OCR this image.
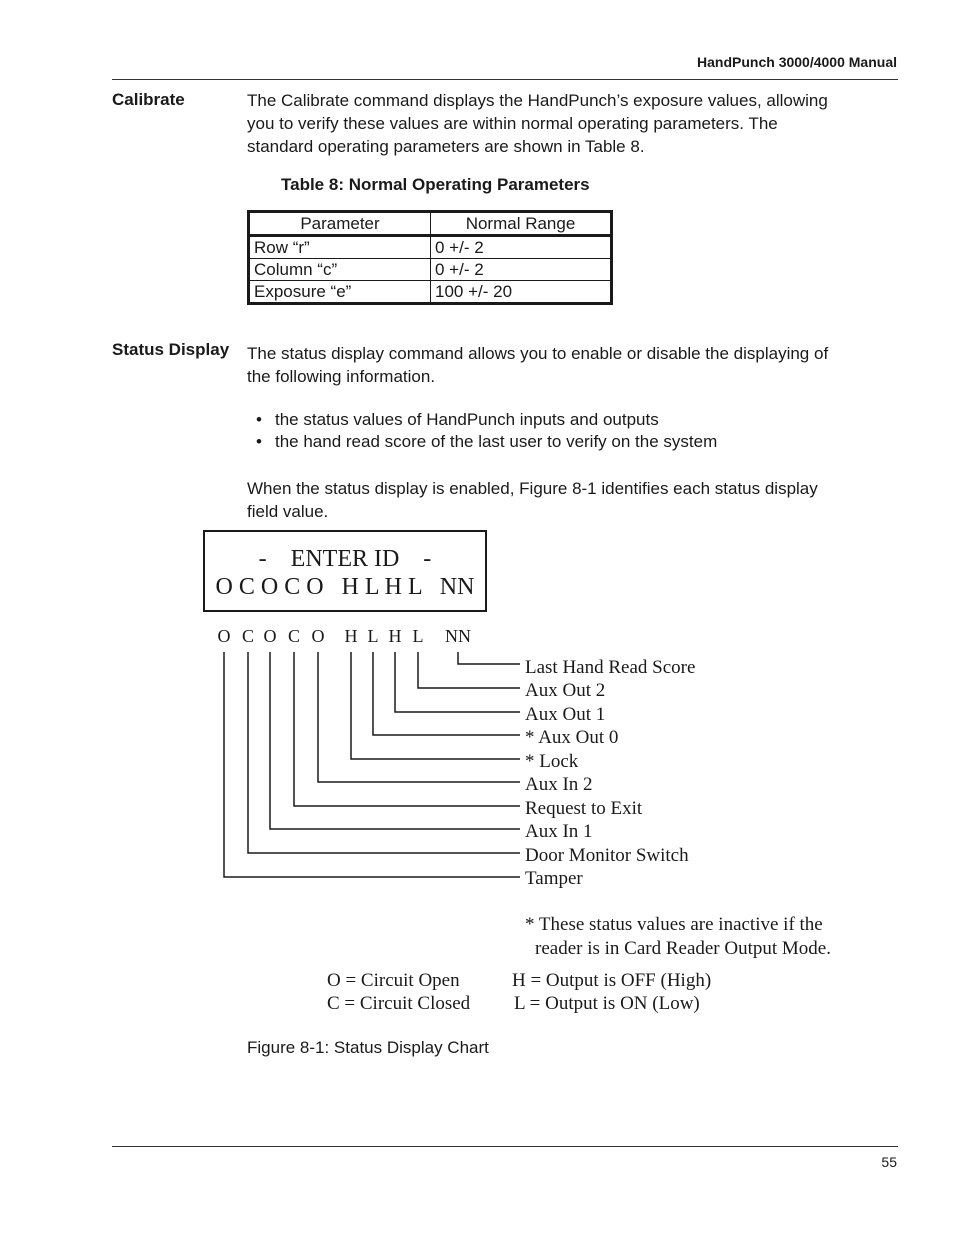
HandPunch 3000/4000 Manual
Calibrate	The Calibrate command displays the HandPunch’s exposure values, allowing
you to verify these values are within normal operating parameters. The
standard operating parameters are shown in Table 8.
Table 8: Normal Operating Parameters
Parameter	Normal Range
Row “r”	0 +/- 2
Column “c”	0 +/- 2
Exposure “e”	100 +/- 20
Status Display The status display command allows you to enable or disable the displaying of
the following information.
• the status values of HandPunch inputs and outputs
• the hand read score of the last user to verify on the system
When the status display is enabled, Figure 8-1 identifies each status display
field value.
-    ENTER ID    -
O C O C O   H L H L   NN
O C O C O H L H L NN
Last Hand Read Score
Aux Out 2
Aux Out 1
* Aux Out 0
* Lock
Aux In 2
Request to Exit
Aux In 1
Door Monitor Switch
Tamper
* These status values are inactive if the
reader is in Card Reader Output Mode.
O = Circuit Open
C = Circuit Closed
H = Output is OFF (High)
L = Output is ON (Low)
Figure 8-1: Status Display Chart
55
